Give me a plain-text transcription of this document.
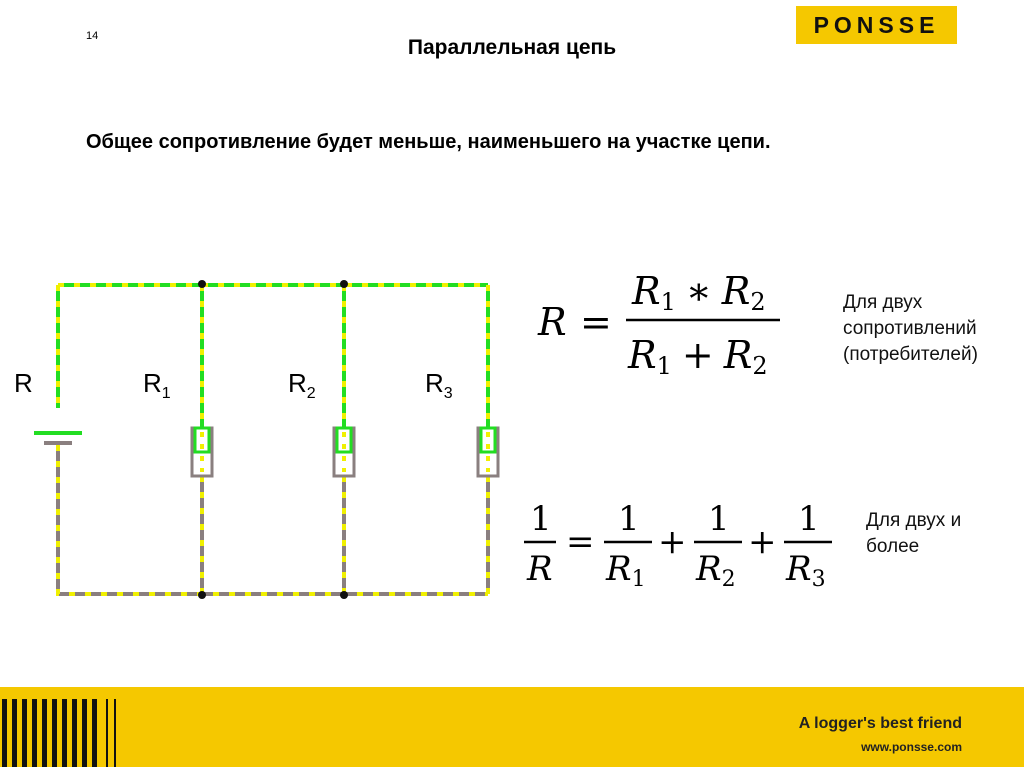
14	Параллельная цепь
PONSSE
Общее сопротивление будет меньше, наименьшего на участке цепи.
R =
R1 ∗ R2
R1 + R2
1
R
=
1
R1
+
1
R2
+
1
R3
R	$R_1$	$R_2$	$R_3$
Для двух
сопротивлений
(потребителей)
Для двух и
более
A logger's best friend
www.ponsse.com
